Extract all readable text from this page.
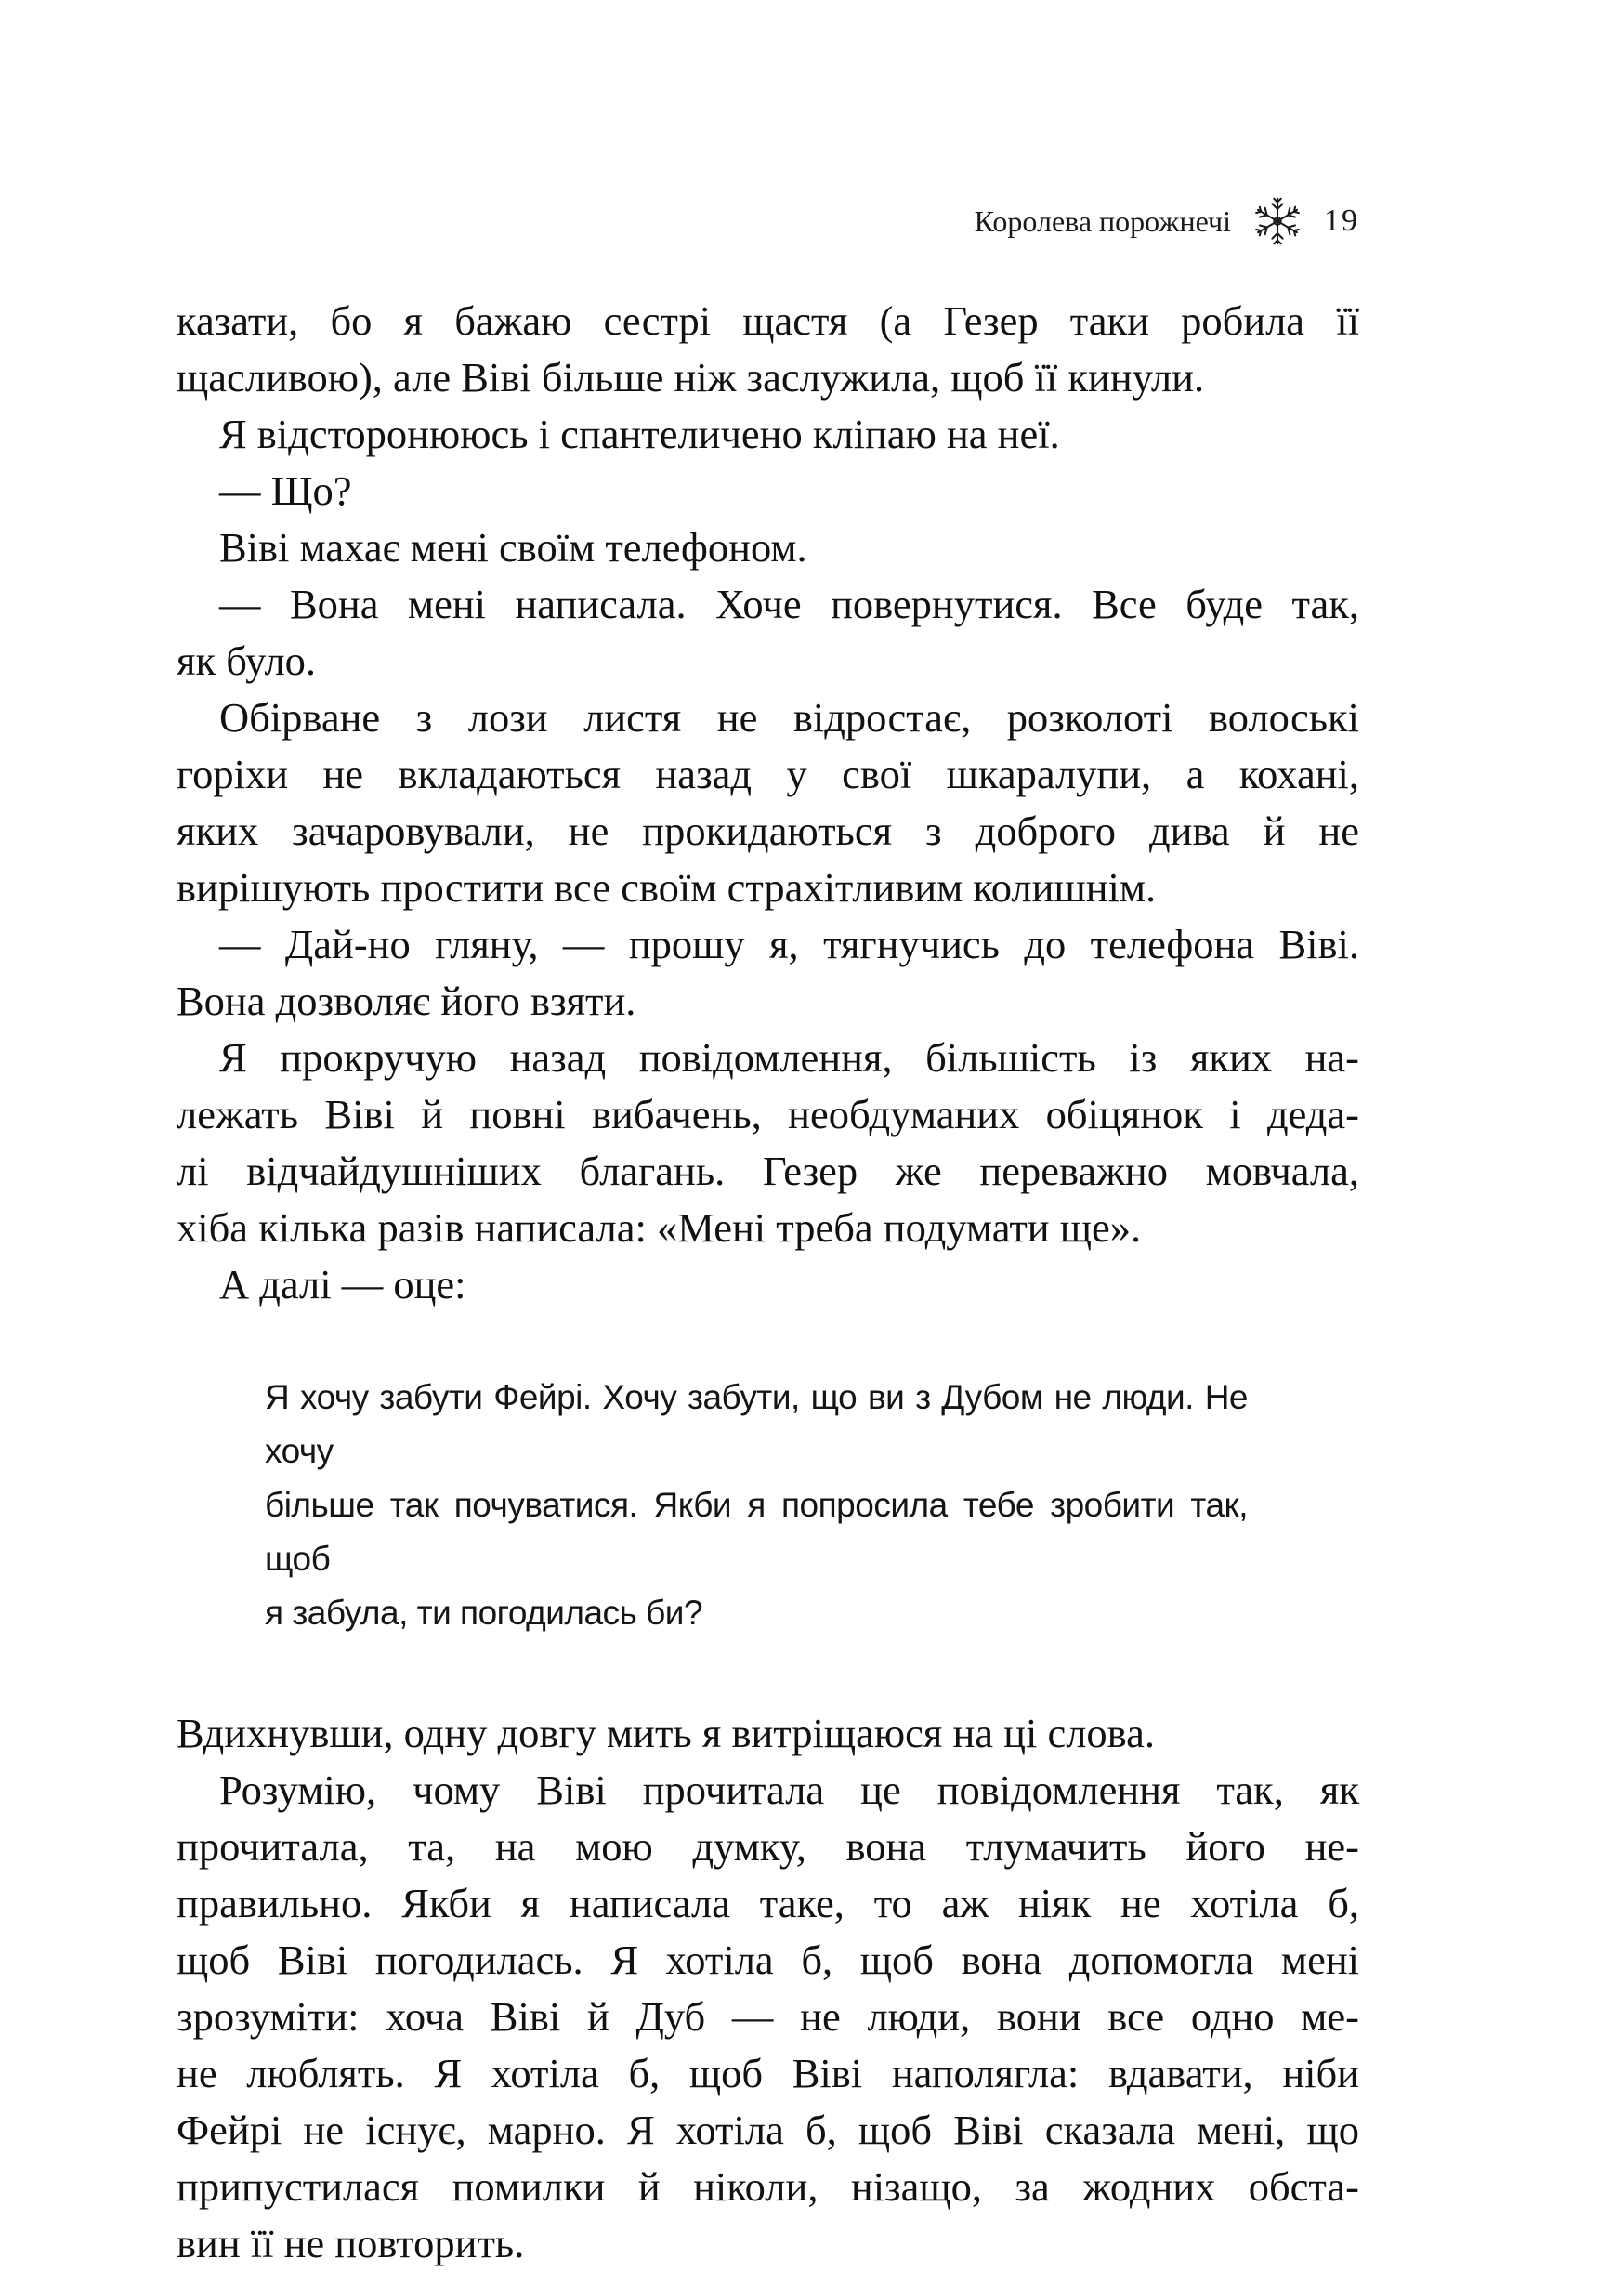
Королева порожнечі	19

казати, бо я бажаю сестрі щастя (а Гезер таки робила її
щасливою), але Віві більше ніж заслужила, щоб її кинули.

Я відсторонююсь і спантеличено кліпаю на неї.

— Що?

Віві махає мені своїм телефоном.

— Вона мені написала. Хоче повернутися. Все буде так,
як було.

Обірване з лози листя не відростає, розколоті волоські
горіхи не вкладаються назад у свої шкаралупи, а кохані,
яких зачаровували, не прокидаються з доброго дива й не
вирішують простити все своїм страхітливим колишнім.

— Дай-но гляну, — прошу я, тягнучись до телефона Віві.
Вона дозволяє його взяти.

Я прокручую назад повідомлення, більшість із яких на-
лежать Віві й повні вибачень, необдуманих обіцянок і деда-
лі відчайдушніших благань. Гезер же переважно мовчала,
хіба кілька разів написала: «Мені треба подумати ще».

А далі — оце:

Я хочу забути Фейрі. Хочу забути, що ви з Дубом не люди. Не хочу
більше так почуватися. Якби я попросила тебе зробити так, щоб
я забула, ти погодилась би?

Вдихнувши, одну довгу мить я витріщаюся на ці слова.

Розумію, чому Віві прочитала це повідомлення так, як
прочитала, та, на мою думку, вона тлумачить його не-
правильно. Якби я написала таке, то аж ніяк не хотіла б,
щоб Віві погодилась. Я хотіла б, щоб вона допомогла мені
зрозуміти: хоча Віві й Дуб — не люди, вони все одно ме-
не люблять. Я хотіла б, щоб Віві наполягла: вдавати, ніби
Фейрі не існує, марно. Я хотіла б, щоб Віві сказала мені, що
припустилася помилки й ніколи, нізащо, за жодних обста-
вин її не повторить.
